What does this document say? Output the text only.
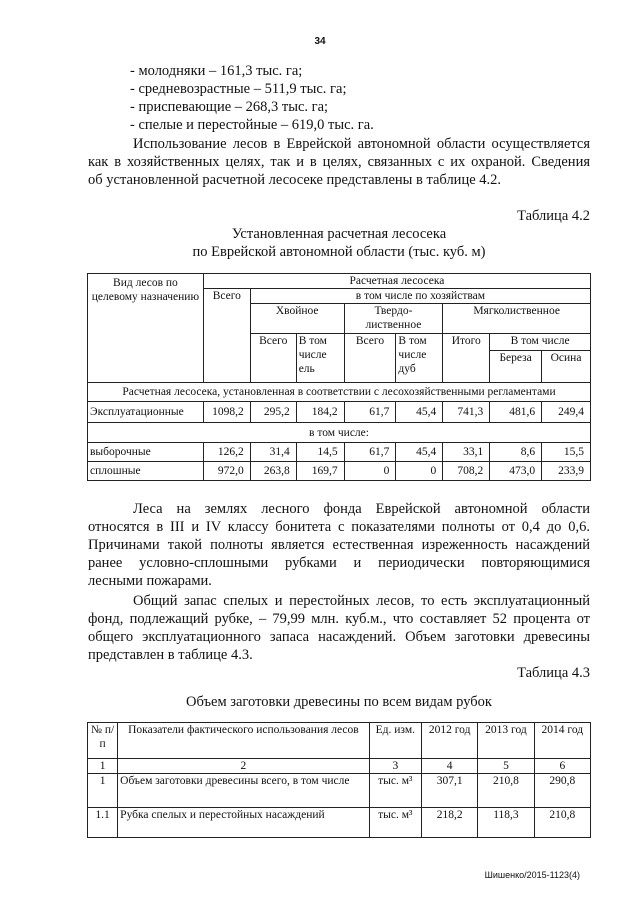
34
- молодняки – 161,3 тыс. га;
- средневозрастные – 511,9 тыс. га;
- приспевающие – 268,3 тыс. га;
- спелые и перестойные – 619,0 тыс. га.
Использование лесов в Еврейской автономной области осуществляется
как в хозяйственных целях, так и в целях, связанных с их охраной. Сведения
об установленной расчетной лесосеке представлены в таблице 4.2.
Таблица 4.2
Установленная расчетная лесосека
по Еврейской автономной области (тыс. куб. м)
Вид лесов по целевому назначению	Расчетная лесосека							
	Всего	в том числе по хозяйствам						
		Хвойное		Твердо- лиственное		Мягколиственное		
		Всего	В том числе ель	Всего	В том числе дуб	Итого	В том числе	
							Береза	Осина
Расчетная лесосека, установленная в соответствии с лесохозяйственными регламентами								
Эксплуатационные	1098,2	295,2	184,2	61,7	45,4	741,3	481,6	249,4
в том числе:								
выборочные	126,2	31,4	14,5	61,7	45,4	33,1	8,6	15,5
сплошные	972,0	263,8	169,7	0	0	708,2	473,0	233,9
Леса на землях лесного фонда Еврейской автономной области
относятся в III и IV классу бонитета с показателями полноты от 0,4 до 0,6.
Причинами такой полноты является естественная изреженность насаждений
ранее условно-сплошными рубками и периодически повторяющимися
лесными пожарами.
Общий запас спелых и перестойных лесов, то есть эксплуатационный
фонд, подлежащий рубке, – 79,99 млн. куб.м., что составляет 52 процента от
общего эксплуатационного запаса насаждений. Объем заготовки древесины
представлен в таблице 4.3.
Таблица 4.3
Объем заготовки древесины по всем видам рубок
№ п/п	Показатели фактического использования лесов	Ед. изм.	2012 год	2013 год	2014 год
1	2	3	4	5	6
1	Объем заготовки древесины всего, в том числе	тыс. м³	307,1	210,8	290,8
1.1	Рубка спелых и перестойных насаждений	тыс. м³	218,2	118,3	210,8
Шишенко/2015-1123(4)
